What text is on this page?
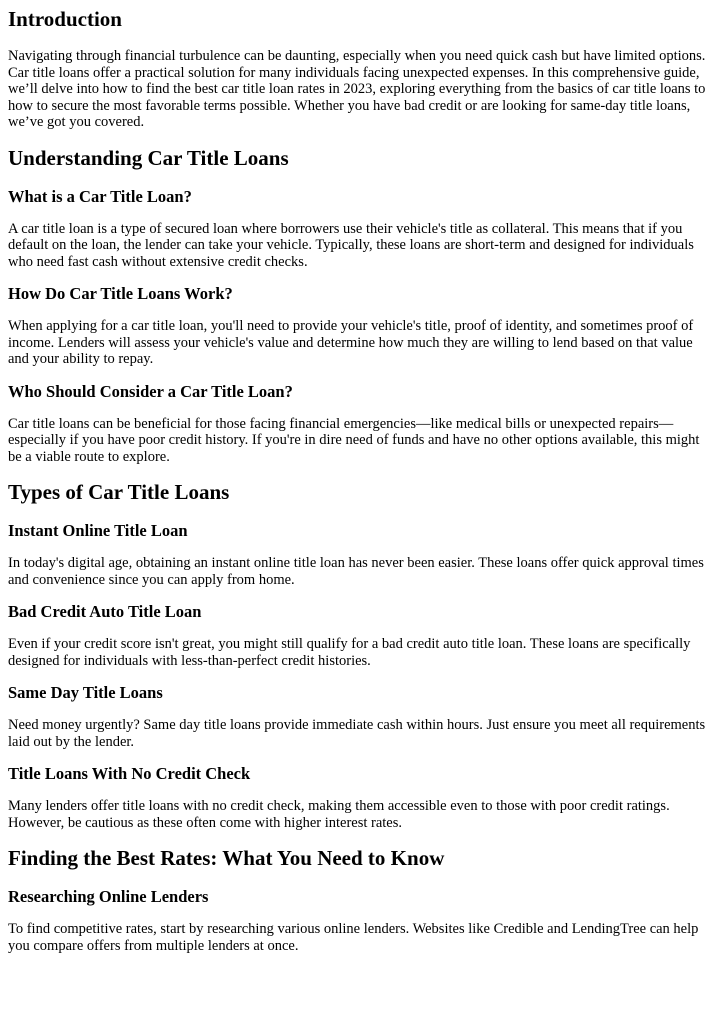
Introduction

Navigating through financial turbulence can be daunting, especially when you need quick cash but have limited options. Car title loans offer a practical solution for many individuals facing unexpected expenses. In this comprehensive guide, we’ll delve into how to find the best car title loan rates in 2023, exploring everything from the basics of car title loans to how to secure the most favorable terms possible. Whether you have bad credit or are looking for same-day title loans, we’ve got you covered.

Understanding Car Title Loans
What is a Car Title Loan?

A car title loan is a type of secured loan where borrowers use their vehicle's title as collateral. This means that if you default on the loan, the lender can take your vehicle. Typically, these loans are short-term and designed for individuals who need fast cash without extensive credit checks.

How Do Car Title Loans Work?

When applying for a car title loan, you'll need to provide your vehicle's title, proof of identity, and sometimes proof of income. Lenders will assess your vehicle's value and determine how much they are willing to lend based on that value and your ability to repay.

Who Should Consider a Car Title Loan?

Car title loans can be beneficial for those facing financial emergencies—like medical bills or unexpected repairs—especially if you have poor credit history. If you're in dire need of funds and have no other options available, this might be a viable route to explore.

Types of Car Title Loans
Instant Online Title Loan

In today's digital age, obtaining an instant online title loan has never been easier. These loans offer quick approval times and convenience since you can apply from home.

Bad Credit Auto Title Loan

Even if your credit score isn't great, you might still qualify for a bad credit auto title loan. These loans are specifically designed for individuals with less-than-perfect credit histories.

Same Day Title Loans

Need money urgently? Same day title loans provide immediate cash within hours. Just ensure you meet all requirements laid out by the lender.

Title Loans With No Credit Check

Many lenders offer title loans with no credit check, making them accessible even to those with poor credit ratings. However, be cautious as these often come with higher interest rates.

Finding the Best Rates: What You Need to Know
Researching Online Lenders

To find competitive rates, start by researching various online lenders. Websites like Credible and LendingTree can help you compare offers from multiple lenders at once.
